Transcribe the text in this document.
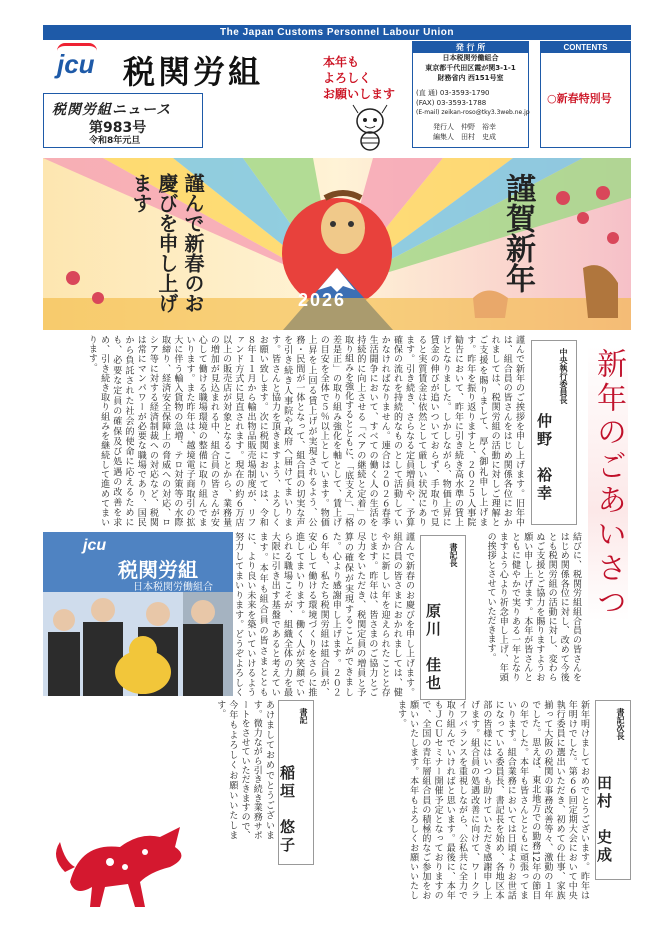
The Japan Customs Personnel Labour Union
jcu 税関労組
税関労組ニュース
第983号
令和8年元旦
本年も
よろしく
お願いします
発 行 所
日本税関労働組合
東京都千代田区霞が関3-1-1
財務省内 西151号室
(直 通) 03-3593-1790
(FAX) 03-3593-1788
(E-mail) zeikan-roso@tky3.3web.ne.jp
発行人　仲野　裕幸
編集人　田村　史成
CONTENTS
○新春特別号
謹んで新春のお慶びを申し上げます	謹賀新年
2026
新年のごあいさつ
中央執行委員長
仲野　裕幸
謹んで新年のご挨拶を申し上げます。旧年中は、組合員の皆さんをはじめ関係各位におかれましては、税関労組の活動に対しご理解とご支援を賜りまして、厚く御礼申し上げます。昨年を振り返りますと、２０２５人事院勧告において、昨年に引き続き高水準の賃上げとなりました。しかしながら、物価上昇に賃金の伸びが追いついておらず、手取りで見ると実質賃金は依然として厳しい状況にあります。引き続き、さらなる定員増員や、予算確保の流れを持続的なものとして活動していかなければなりません。連合は２０２６春季生活闘争において、すべての働く人の生活を持続的に向上させる「ベアの継続と定着」の取り組みを強化するとともに、「底支え」、「格差是正」の取り組み強化を軸として、賃上げの目安を全体で５％以上としています。物価上昇を上回る賃上げが実現されるよう、公務・民間が一体となって、組合員の切実な声を引き続き人事院や政府へ届けてまいります。皆さんと協力を頂きますよう、よろしくお願い致します。次に税関においては、令和８年１１月から輸出物品販売場制度が、リファンド方式に見直されます。現在の約６万店以上の販売店が対象となることから、業務量の増加が見込まれる中、組合員の皆さんが安心して働ける職場環境の整備に取り組んでまいります。また昨年は、越境電子商取引の拡大に伴う輸入貨物の急増、テロ対策等の水際取締り、経済安全保障上の脅威への対応、ロシア等に対する経済制裁への対応など、税関は常にマンパワーが必要な職場であり、国民から負託された社会的使命に応えるためにも、必要な定員の確保及び処遇の改善を求め、引き続き取り組みを継続して進めてまいります。
結びに、税関労組組合員の皆さんをはじめ関係各位に対し、改めて今後とも税関労組の活動に対し、変わらぬご支援とご協力を賜りますようお願い申し上げます。本年が皆さんとともに健やかで実りある一年となりますよう心より祈念申し上げ、年頭の挨拶とさせていただきます。
書記長
原川　佳也
謹んで新春のお慶びを申し上げます。組合員の皆さまにおかれましては、健やかに新しい年を迎えられたことと存じます。昨年は、皆さまのご協力とご尽力をいただき、税関定員の増員と予算の確保が実現することができました。心より感謝申し上げます。２０２６年も、私たち税関労組は組合員が、安心して働ける環境づくりをさらに推進してまいります。働く人が笑顔でいられる職場こそが、組織全体の力を最大限に引き出す基盤であると考えています。本年も組合員の皆さまとともに、より良い未来を築いていけるよう努力してまいります。どうぞよろしく
jcu
税関労組
日本税関労働組合
書記次長
田村　史成
新年明けましておめでとうございます。昨年は年明けでした。第６６回定期大会において中央執行委員に選出いただき、初めての仕事、家族揃って大阪の税関の事務改善等々、激動の１年でした。思えば、東北地方での勤務12年の節目の年でした。本年も皆さんとともに頑張ってまいります。組合業務においては日頃よりお世話になっている委員長、書記長を始め、各地区本部の皆様にはいつも助けていただき感謝申し上げます。組合員の処遇改善に向けて、ワークライフバランスを重視しながら、公私共に全力で取り組んでいければと思います。最後に、本年もＪＣＵセミナー開催予定となっておりますので、全国の青年層組合員の積極的なご参加をお願いいたします。本年もよろしくお願いいたします。
書記
稲垣　悠子
あけましておめでとうございます。微力ながら引き続き業務サポートをさせていただきますので、今年もよろしくお願いいたします。
